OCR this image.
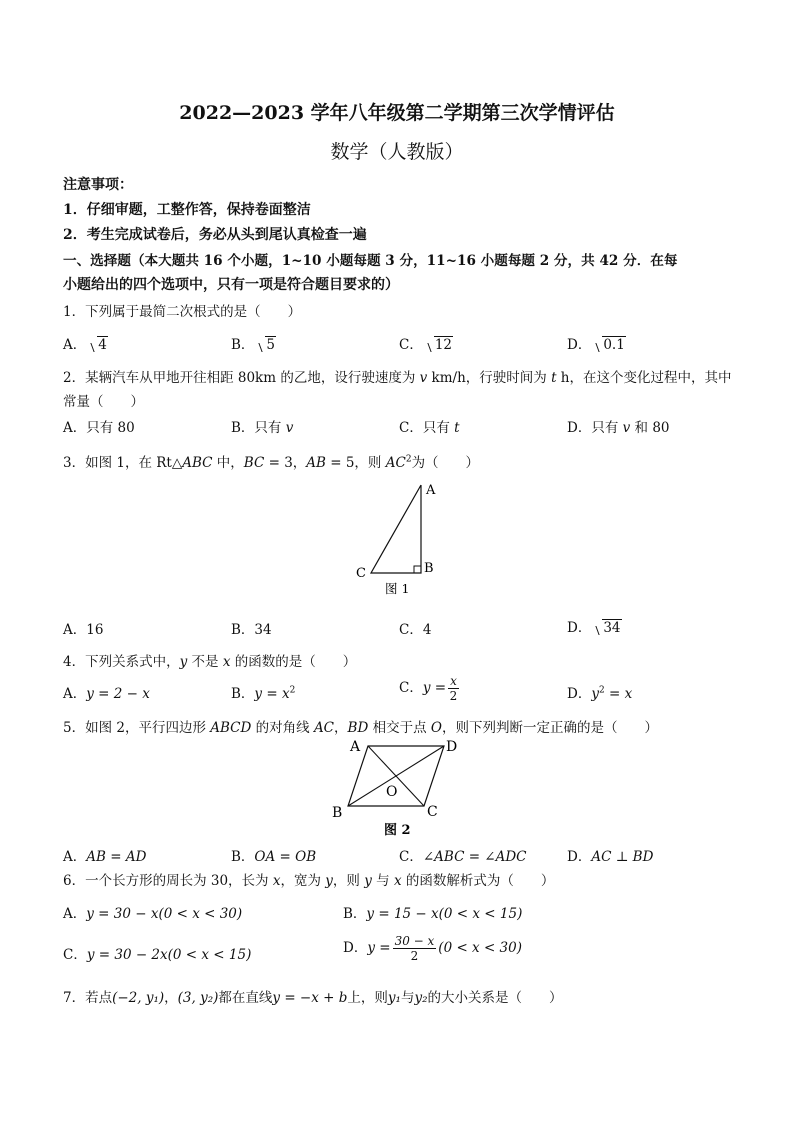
2022—2023 学年八年级第二学期第三次学情评估
数学（人教版）
注意事项：
1．仔细审题，工整作答，保持卷面整洁
2．考生完成试卷后，务必从头到尾认真检查一遍
一、选择题（本大题共 16 个小题，1~10 小题每题 3 分，11~16 小题每题 2 分，共 42 分．在每
小题给出的四个选项中，只有一项是符合题目要求的）
1．下列属于最简二次根式的是（　　）
A． 4	B． 5	C． 12	D． 0.1
2．某辆汽车从甲地开往相距 80km 的乙地，设行驶速度为 v km/h，行驶时间为 t h，在这个变化过程中，其中
常量（　　）
A．只有 80	B．只有 v	C．只有 t	D．只有 v 和 80
3．如图 1，在 Rt△ABC 中，BC = 3，AB = 5，则 $AC^2$为（　　）
A
B
C
图 1
A．16	B．34	C．4	D． 34
4．下列关系式中，y 不是 x 的函数的是（　　）
A．y = 2 − x	B．$y = x^2$	C．$y = \frac{x}{2}$	D．$y^2 = x$
5．如图 2，平行四边形 ABCD 的对角线 AC，BD 相交于点 O，则下列判断一定正确的是（　　）
A	D
B	C
O
图 2
A．AB = AD	B．OA = OB	C．∠ABC = ∠ADC	D．AC ⊥ BD
6．一个长方形的周长为 30，长为 x，宽为 y，则 y 与 x 的函数解析式为（　　）
A．y = 30 − x(0 < x < 30)	B．y = 15 − x(0 < x < 15)
C．y = 30 − 2x(0 < x < 15)	D．$y = \frac{30 - x}{2} (0 < x < 30)$
7．若点(−2, y₁)，(3, y₂)都在直线y = −x + b上，则y₁与y₂的大小关系是（　　）
